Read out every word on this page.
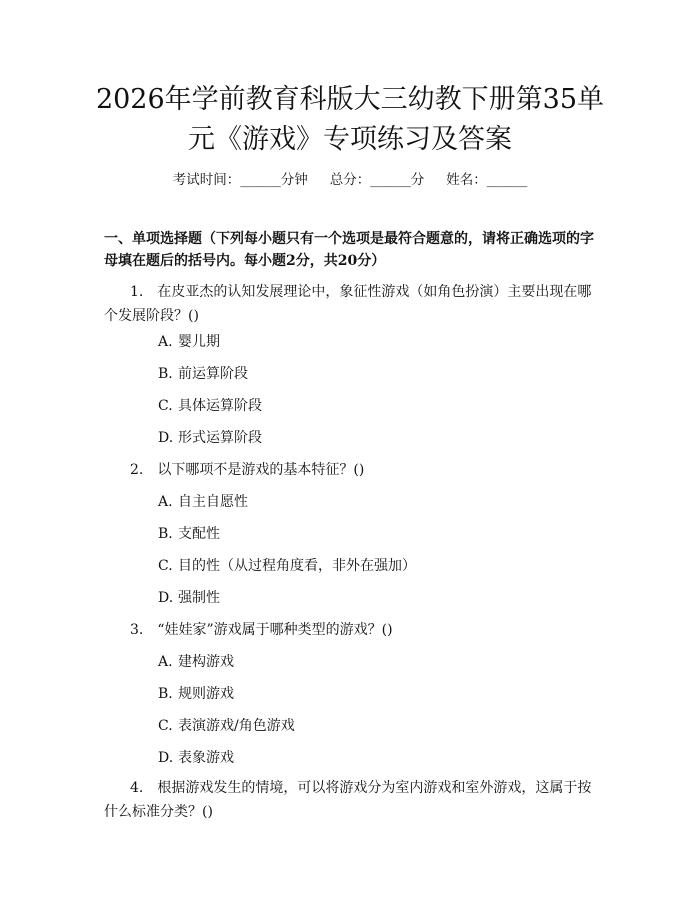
2026年学前教育科版大三幼教下册第35单元《游戏》专项练习及答案
考试时间：______分钟 总分：______分 姓名：______

一、单项选择题（下列每小题只有一个选项是最符合题意的，请将正确选项的字母填在题后的括号内。每小题2分，共20分）

1. 在皮亚杰的认知发展理论中，象征性游戏（如角色扮演）主要出现在哪个发展阶段？()
A. 婴儿期
B. 前运算阶段
C. 具体运算阶段
D. 形式运算阶段
2. 以下哪项不是游戏的基本特征？()
A. 自主自愿性
B. 支配性
C. 目的性（从过程角度看，非外在强加）
D. 强制性
3. “娃娃家”游戏属于哪种类型的游戏？()
A. 建构游戏
B. 规则游戏
C. 表演游戏/角色游戏
D. 表象游戏
4. 根据游戏发生的情境，可以将游戏分为室内游戏和室外游戏，这属于按什么标准分类？()
